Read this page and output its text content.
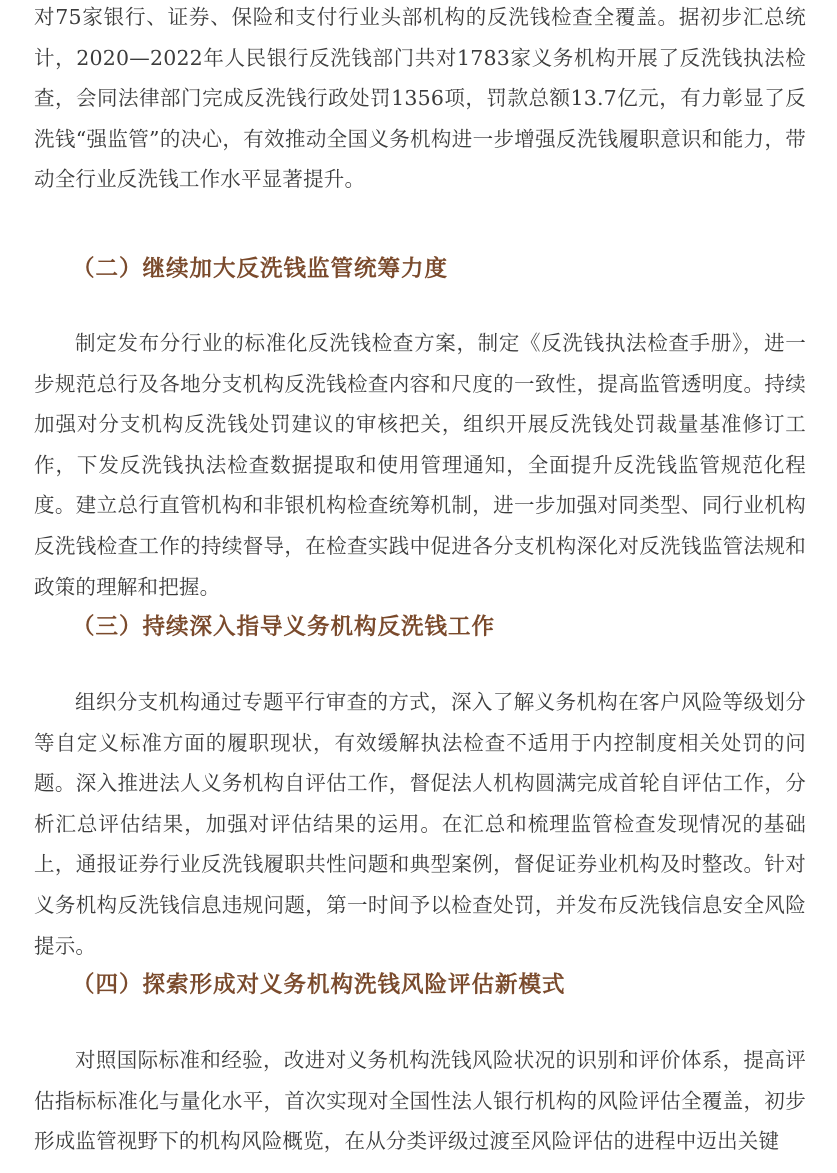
对75家银行、证券、保险和支付行业头部机构的反洗钱检查全覆盖。据初步汇总统计，2020—2022年人民银行反洗钱部门共对1783家义务机构开展了反洗钱执法检查，会同法律部门完成反洗钱行政处罚1356项，罚款总额13.7亿元，有力彰显了反洗钱“强监管”的决心，有效推动全国义务机构进一步增强反洗钱履职意识和能力，带动全行业反洗钱工作水平显著提升。

（二）继续加大反洗钱监管统筹力度

制定发布分行业的标准化反洗钱检查方案，制定《反洗钱执法检查手册》，进一步规范总行及各地分支机构反洗钱检查内容和尺度的一致性，提高监管透明度。持续加强对分支机构反洗钱处罚建议的审核把关，组织开展反洗钱处罚裁量基准修订工作，下发反洗钱执法检查数据提取和使用管理通知，全面提升反洗钱监管规范化程度。建立总行直管机构和非银机构检查统筹机制，进一步加强对同类型、同行业机构反洗钱检查工作的持续督导，在检查实践中促进各分支机构深化对反洗钱监管法规和政策的理解和把握。

（三）持续深入指导义务机构反洗钱工作

组织分支机构通过专题平行审查的方式，深入了解义务机构在客户风险等级划分等自定义标准方面的履职现状，有效缓解执法检查不适用于内控制度相关处罚的问题。深入推进法人义务机构自评估工作，督促法人机构圆满完成首轮自评估工作，分析汇总评估结果，加强对评估结果的运用。在汇总和梳理监管检查发现情况的基础上，通报证券行业反洗钱履职共性问题和典型案例，督促证券业机构及时整改。针对义务机构反洗钱信息违规问题，第一时间予以检查处罚，并发布反洗钱信息安全风险提示。

（四）探索形成对义务机构洗钱风险评估新模式

对照国际标准和经验，改进对义务机构洗钱风险状况的识别和评价体系，提高评估指标标准化与量化水平，首次实现对全国性法人银行机构的风险评估全覆盖，初步形成监管视野下的机构风险概览，在从分类评级过渡至风险评估的进程中迈出关键
